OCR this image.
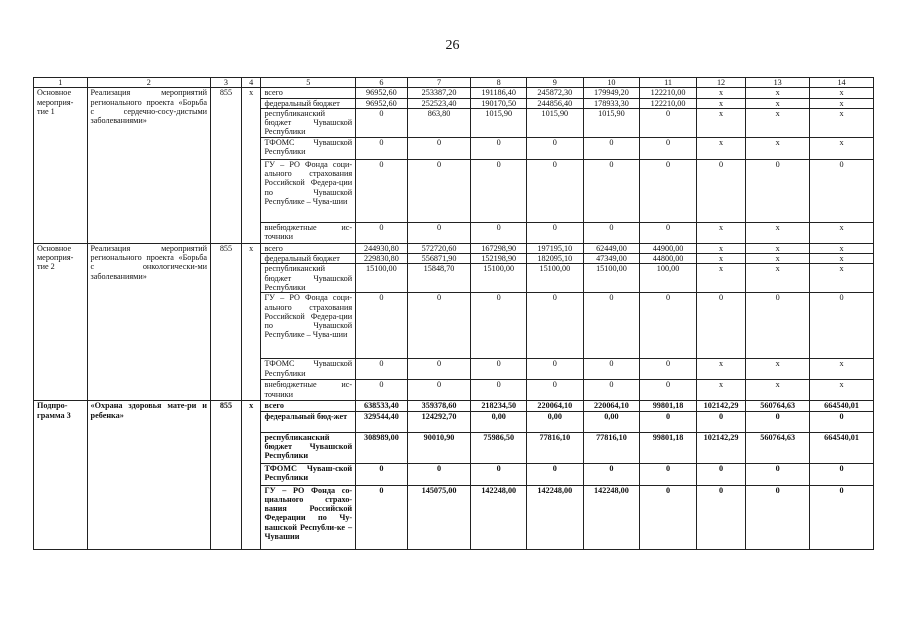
26
1	2	3	4	5	6	7	8	9	10	11	12	13	14
Основное мероприя-тие 1	Реализация мероприятий регионального проекта «Борьба с сердечно-сосу-дистыми заболеваниями»	855	x	всего	96952,60	253387,20	191186,40	245872,30	179949,20	122210,00	x	x	x
				федеральный бюджет	96952,60	252523,40	190170,50	244856,40	178933,30	122210,00	x	x	x
				республиканский бюджет Чувашской Республики	0	863,80	1015,90	1015,90	1015,90	0	x	x	x
				ТФОМС Чувашской Республики	0	0	0	0	0	0	x	x	x
				ГУ – РО Фонда соци-ального страхования Российской Федера-ции по Чувашской Республике – Чува-шии	0	0	0	0	0	0	0	0	0
				внебюджетные ис-точники	0	0	0	0	0	0	x	x	x
Основное мероприя-тие 2	Реализация мероприятий регионального проекта «Борьба с онкологически-ми заболеваниями»	855	x	всего	244930,80	572720,60	167298,90	197195,10	62449,00	44900,00	x	x	x
				федеральный бюджет	229830,80	556871,90	152198,90	182095,10	47349,00	44800,00	x	x	x
				республиканский бюджет Чувашской Республики	15100,00	15848,70	15100,00	15100,00	15100,00	100,00	x	x	x
				ГУ – РО Фонда соци-ального страхования Российской Федера-ции по Чувашской Республике – Чува-шии	0	0	0	0	0	0	0	0	0
				ТФОМС Чувашской Республики	0	0	0	0	0	0	x	x	x
				внебюджетные ис-точники	0	0	0	0	0	0	x	x	x
Подпро-грамма 3	«Охрана здоровья мате-ри и ребенка»	855	x	всего	638533,40	359378,60	218234,50	220064,10	220064,10	99801,18	102142,29	560764,63	664540,01
				федеральный бюд-жет	329544,40	124292,70	0,00	0,00	0,00	0	0	0	0
				республиканский бюджет Чувашской Республики	308989,00	90010,90	75986,50	77816,10	77816,10	99801,18	102142,29	560764,63	664540,01
				ТФОМС Чуваш-ской Республики	0	0	0	0	0	0	0	0	0
				ГУ – РО Фонда со-циального страхо-вания Российской Федерации по Чу-вашской Республи-ке – Чувашии	0	145075,00	142248,00	142248,00	142248,00	0	0	0	0
